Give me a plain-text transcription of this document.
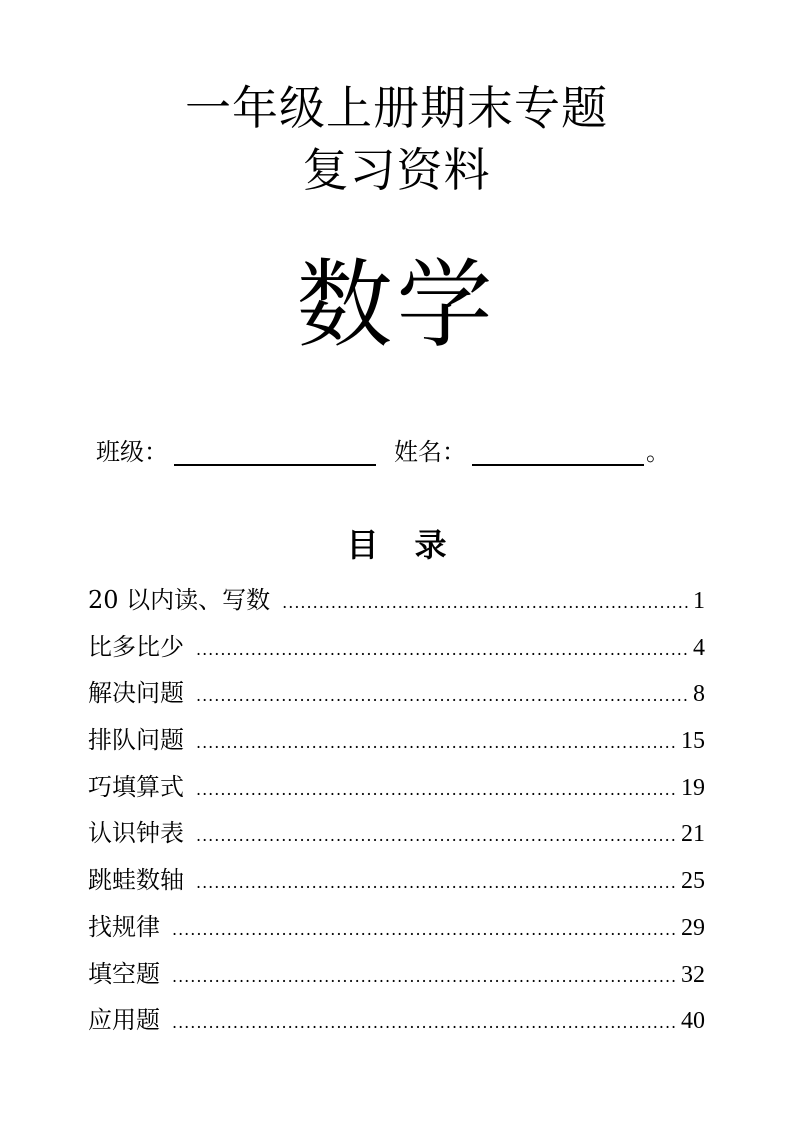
一年级上册期末专题
复习资料
数学
班级：	姓名：	。
目录
20 以内读、写数 .....	1
比多比少 .....	4
解决问题 .....	8
排队问题 .....	15
巧填算式 .....	19
认识钟表 .....	21
跳蛙数轴 .....	25
找规律 .....	29
填空题 .....	32
应用题 .....	40
